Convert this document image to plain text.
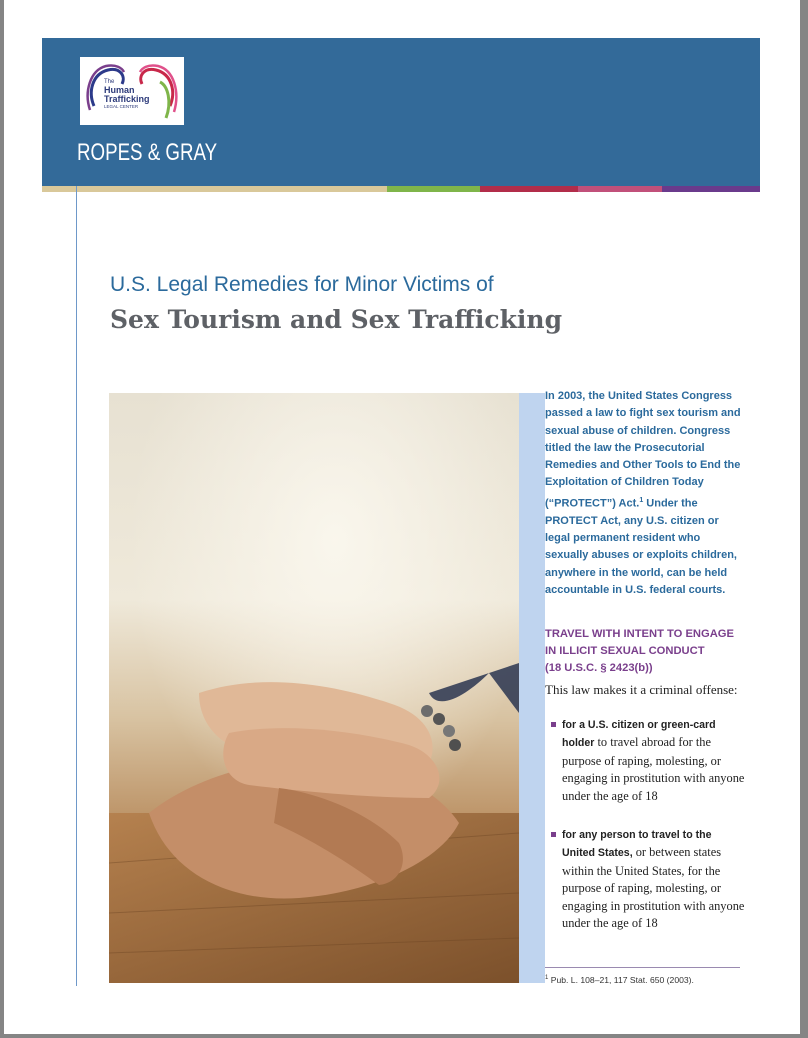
The
Human
Trafficking
LEGAL CENTER
ROPES & GRAY
U.S. Legal Remedies for Minor Victims of
Sex Tourism and Sex Trafficking
In 2003, the United States Congress passed a law to fight sex tourism and sexual abuse of children. Congress titled the law the Prosecutorial Remedies and Other Tools to End the Exploitation of Children Today (“PROTECT”) Act.$^1$ Under the PROTECT Act, any U.S. citizen or legal permanent resident who sexually abuses or exploits children, anywhere in the world, can be held accountable in U.S. federal courts.
TRAVEL WITH INTENT TO ENGAGE
IN ILLICIT SEXUAL CONDUCT
(18 U.S.C. § 2423(b))
This law makes it a criminal offense:
for a U.S. citizen or green-card holder to travel abroad for the purpose of raping, molesting, or engaging in prostitution with anyone under the age of 18
for any person to travel to the United States, or between states within the United States, for the purpose of raping, molesting, or engaging in prostitution with anyone under the age of 18
$^1$ Pub. L. 108–21, 117 Stat. 650 (2003).
